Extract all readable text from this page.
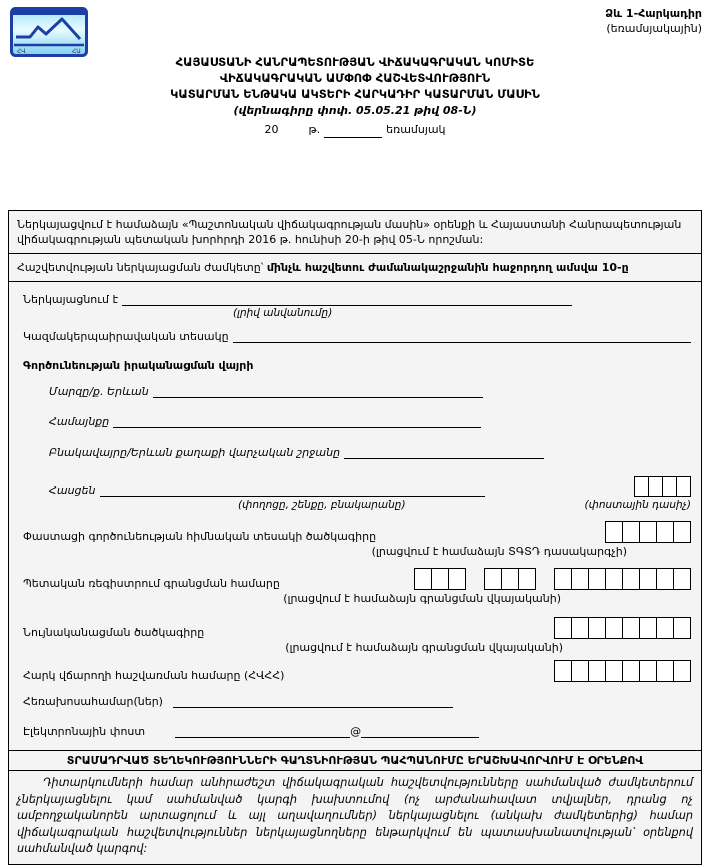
ՀՎ	ՀԱ
Ձև 1-Հարկադիր
(եռամսյակային)
ՀԱՅԱՍՏԱՆԻ ՀԱՆՐԱՊԵՏՈՒԹՅԱՆ ՎԻՃԱԿԱԳՐԱԿԱՆ ԿՈՄԻՏԵ
ՎԻՃԱԿԱԳՐԱԿԱՆ ԱՄՓՈՓ ՀԱՇՎԵՏՎՈՒԹՅՈՒՆ
ԿԱՏԱՐՄԱՆ ԵՆԹԱԿԱ ԱԿՏԵՐԻ ՀԱՐԿԱԴԻՐ ԿԱՏԱՐՄԱՆ ՄԱՍԻՆ
(վերնագիրը փոփ. 05.05.21 թիվ 08-Ն)
20	թ.	եռամսյակ
Ներկայացվում է համաձայն «Պաշտոնական վիճակագրության մասին» օրենքի և Հայաստանի Հանրապետության վիճակագրության պետական խորհրդի 2016 թ. հունիսի 20-ի թիվ 05-Ն որոշման:
Հաշվետվության ներկայացման ժամկետը՝ մինչև հաշվետու ժամանակաշրջանին հաջորդող ամսվա 10-ը
Ներկայացնում է
(լրիվ անվանումը)
Կազմակերպաիրավական տեսակը
Գործունեության իրականացման վայրի
Մարզը/ք. Երևան
Համայնքը
Բնակավայրը/Երևան քաղաքի վարչական շրջանը
Հասցեն
(փողոցը, շենքը, բնակարանը)	(փոստային դասիչ)
Փաստացի գործունեության հիմնական տեսակի ծածկագիրը
(լրացվում է համաձայն ՏԳՏԴ դասակարգչի)
Պետական ռեգիստրում գրանցման համարը
(լրացվում է համաձայն գրանցման վկայականի)
Նույնականացման ծածկագիրը
(լրացվում է համաձայն գրանցման վկայականի)
Հարկ վճարողի հաշվառման համարը (ՀՎՀՀ)
Հեռախոսահամար(ներ)
Էլեկտրոնային փոստ	@
ՏՐԱՄԱԴՐՎԱԾ ՏԵՂԵԿՈՒԹՅՈՒՆՆԵՐԻ ԳԱՂՏՆԻՈՒԹՅԱՆ ՊԱՀՊԱՆՈՒՄԸ ԵՐԱՇԽԱՎՈՐՎՈՒՄ Է ՕՐԵՆՔՈՎ
Դիտարկումների համար անհրաժեշտ վիճակագրական հաշվետվությունները սահմանված ժամկետերում չներկայացնելու կամ սահմանված կարգի խախտումով (ոչ արժանահավատ տվյալներ, դրանց ոչ ամբողջականորեն արտացոլում և այլ աղավաղումներ) ներկայացնելու (անկախ ժամկետերից) համար վիճակագրական հաշվետվություններ ներկայացնողները ենթարկվում են պատասխանատվության՝ օրենքով սահմանված կարգով:
